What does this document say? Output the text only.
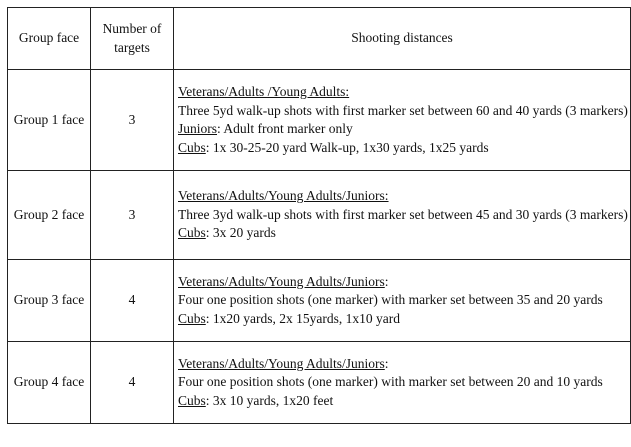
Group face	Number of targets	Shooting distances
Group 1 face	3	Veterans/Adults /Young Adults:
Three 5yd walk-up shots with first marker set between 60 and 40 yards (3 markers)
Juniors: Adult front marker only
Cubs: 1x 30-25-20 yard Walk-up, 1x30 yards, 1x25 yards

Group 2 face	3	Veterans/Adults/Young Adults/Juniors:
Three 3yd walk-up shots with first marker set between 45 and 30 yards (3 markers)
Cubs: 3x 20 yards

Group 3 face	4	Veterans/Adults/Young Adults/Juniors:
Four one position shots (one marker) with marker set between 35 and 20 yards
Cubs: 1x20 yards, 2x 15yards, 1x10 yard

Group 4 face	4	Veterans/Adults/Young Adults/Juniors:
Four one position shots (one marker) with marker set between 20 and 10 yards
Cubs: 3x 10 yards, 1x20 feet
